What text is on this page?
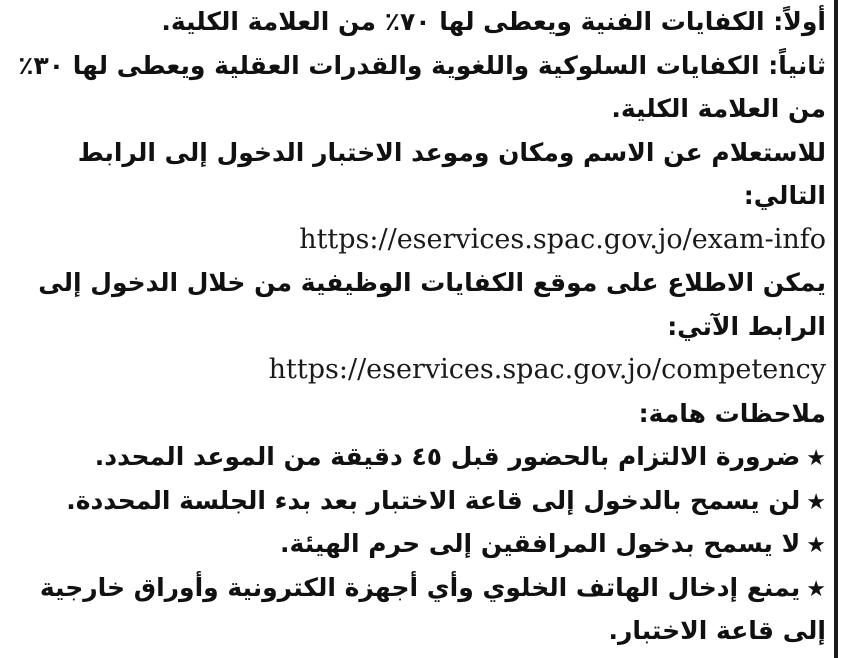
أولاً: الكفايات الفنية ويعطى لها ٧٠٪ من العلامة الكلية.
ثانياً: الكفايات السلوكية واللغوية والقدرات العقلية ويعطى لها ٣٠٪
من العلامة الكلية.
للاستعلام عن الاسم ومكان وموعد الاختبار الدخول إلى الرابط
التالي:
https://eservices.spac.gov.jo/exam-info
يمكن الاطلاع على موقع الكفايات الوظيفية من خلال الدخول إلى
الرابط الآتي:
https://eservices.spac.gov.jo/competency
ملاحظات هامة:
★ضرورة الالتزام بالحضور قبل ٤٥ دقيقة من الموعد المحدد.
★لن يسمح بالدخول إلى قاعة الاختبار بعد بدء الجلسة المحددة.
★لا يسمح بدخول المرافقين إلى حرم الهيئة.
★يمنع إدخال الهاتف الخلوي وأي أجهزة الكترونية وأوراق خارجية
إلى قاعة الاختبار.
